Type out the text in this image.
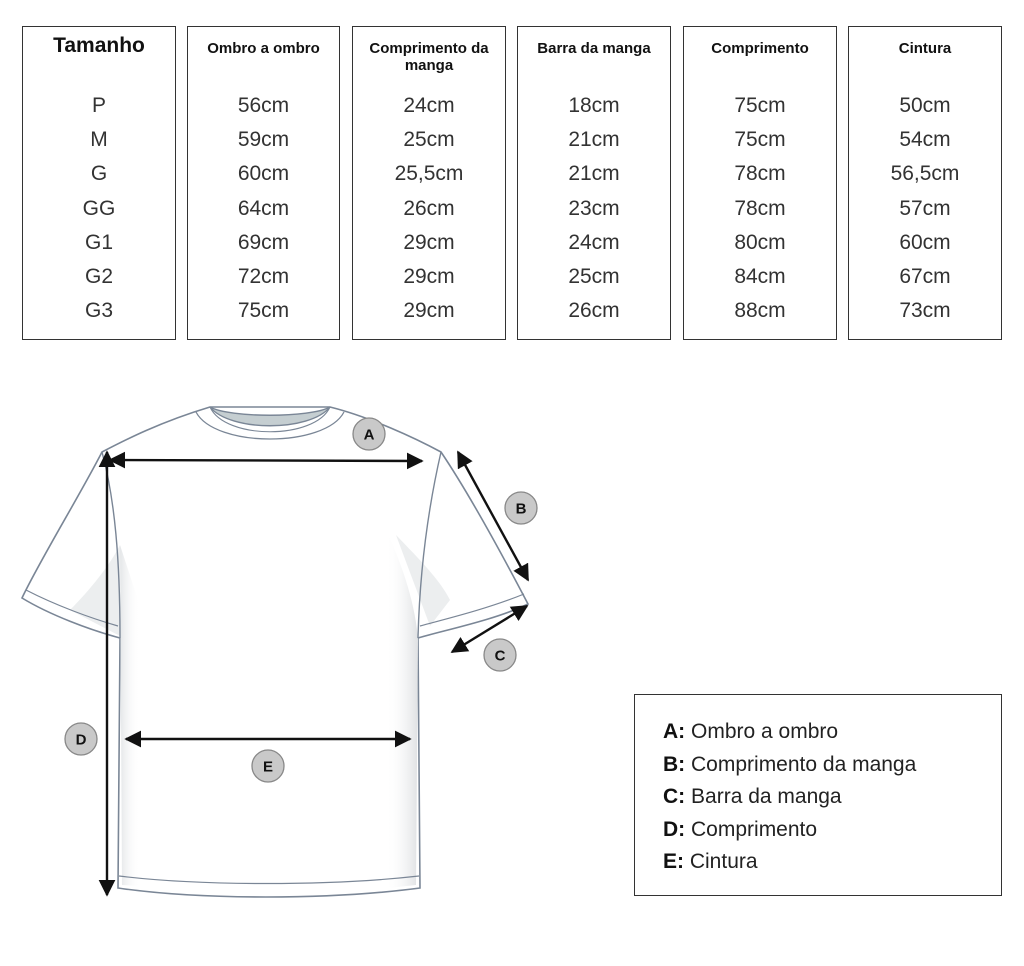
Tamanho
P
M
G
GG
G1
G2
G3
Ombro a ombro
56cm
59cm
60cm
64cm
69cm
72cm
75cm
Comprimento da manga
24cm
25cm
25,5cm
26cm
29cm
29cm
29cm
Barra da manga
18cm
21cm
21cm
23cm
24cm
25cm
26cm
Comprimento
75cm
75cm
78cm
78cm
80cm
84cm
88cm
Cintura
50cm
54cm
56,5cm
57cm
60cm
67cm
73cm
A
B
C
D
E
A: Ombro a ombro
B: Comprimento da manga
C: Barra da manga
D: Comprimento
E: Cintura
